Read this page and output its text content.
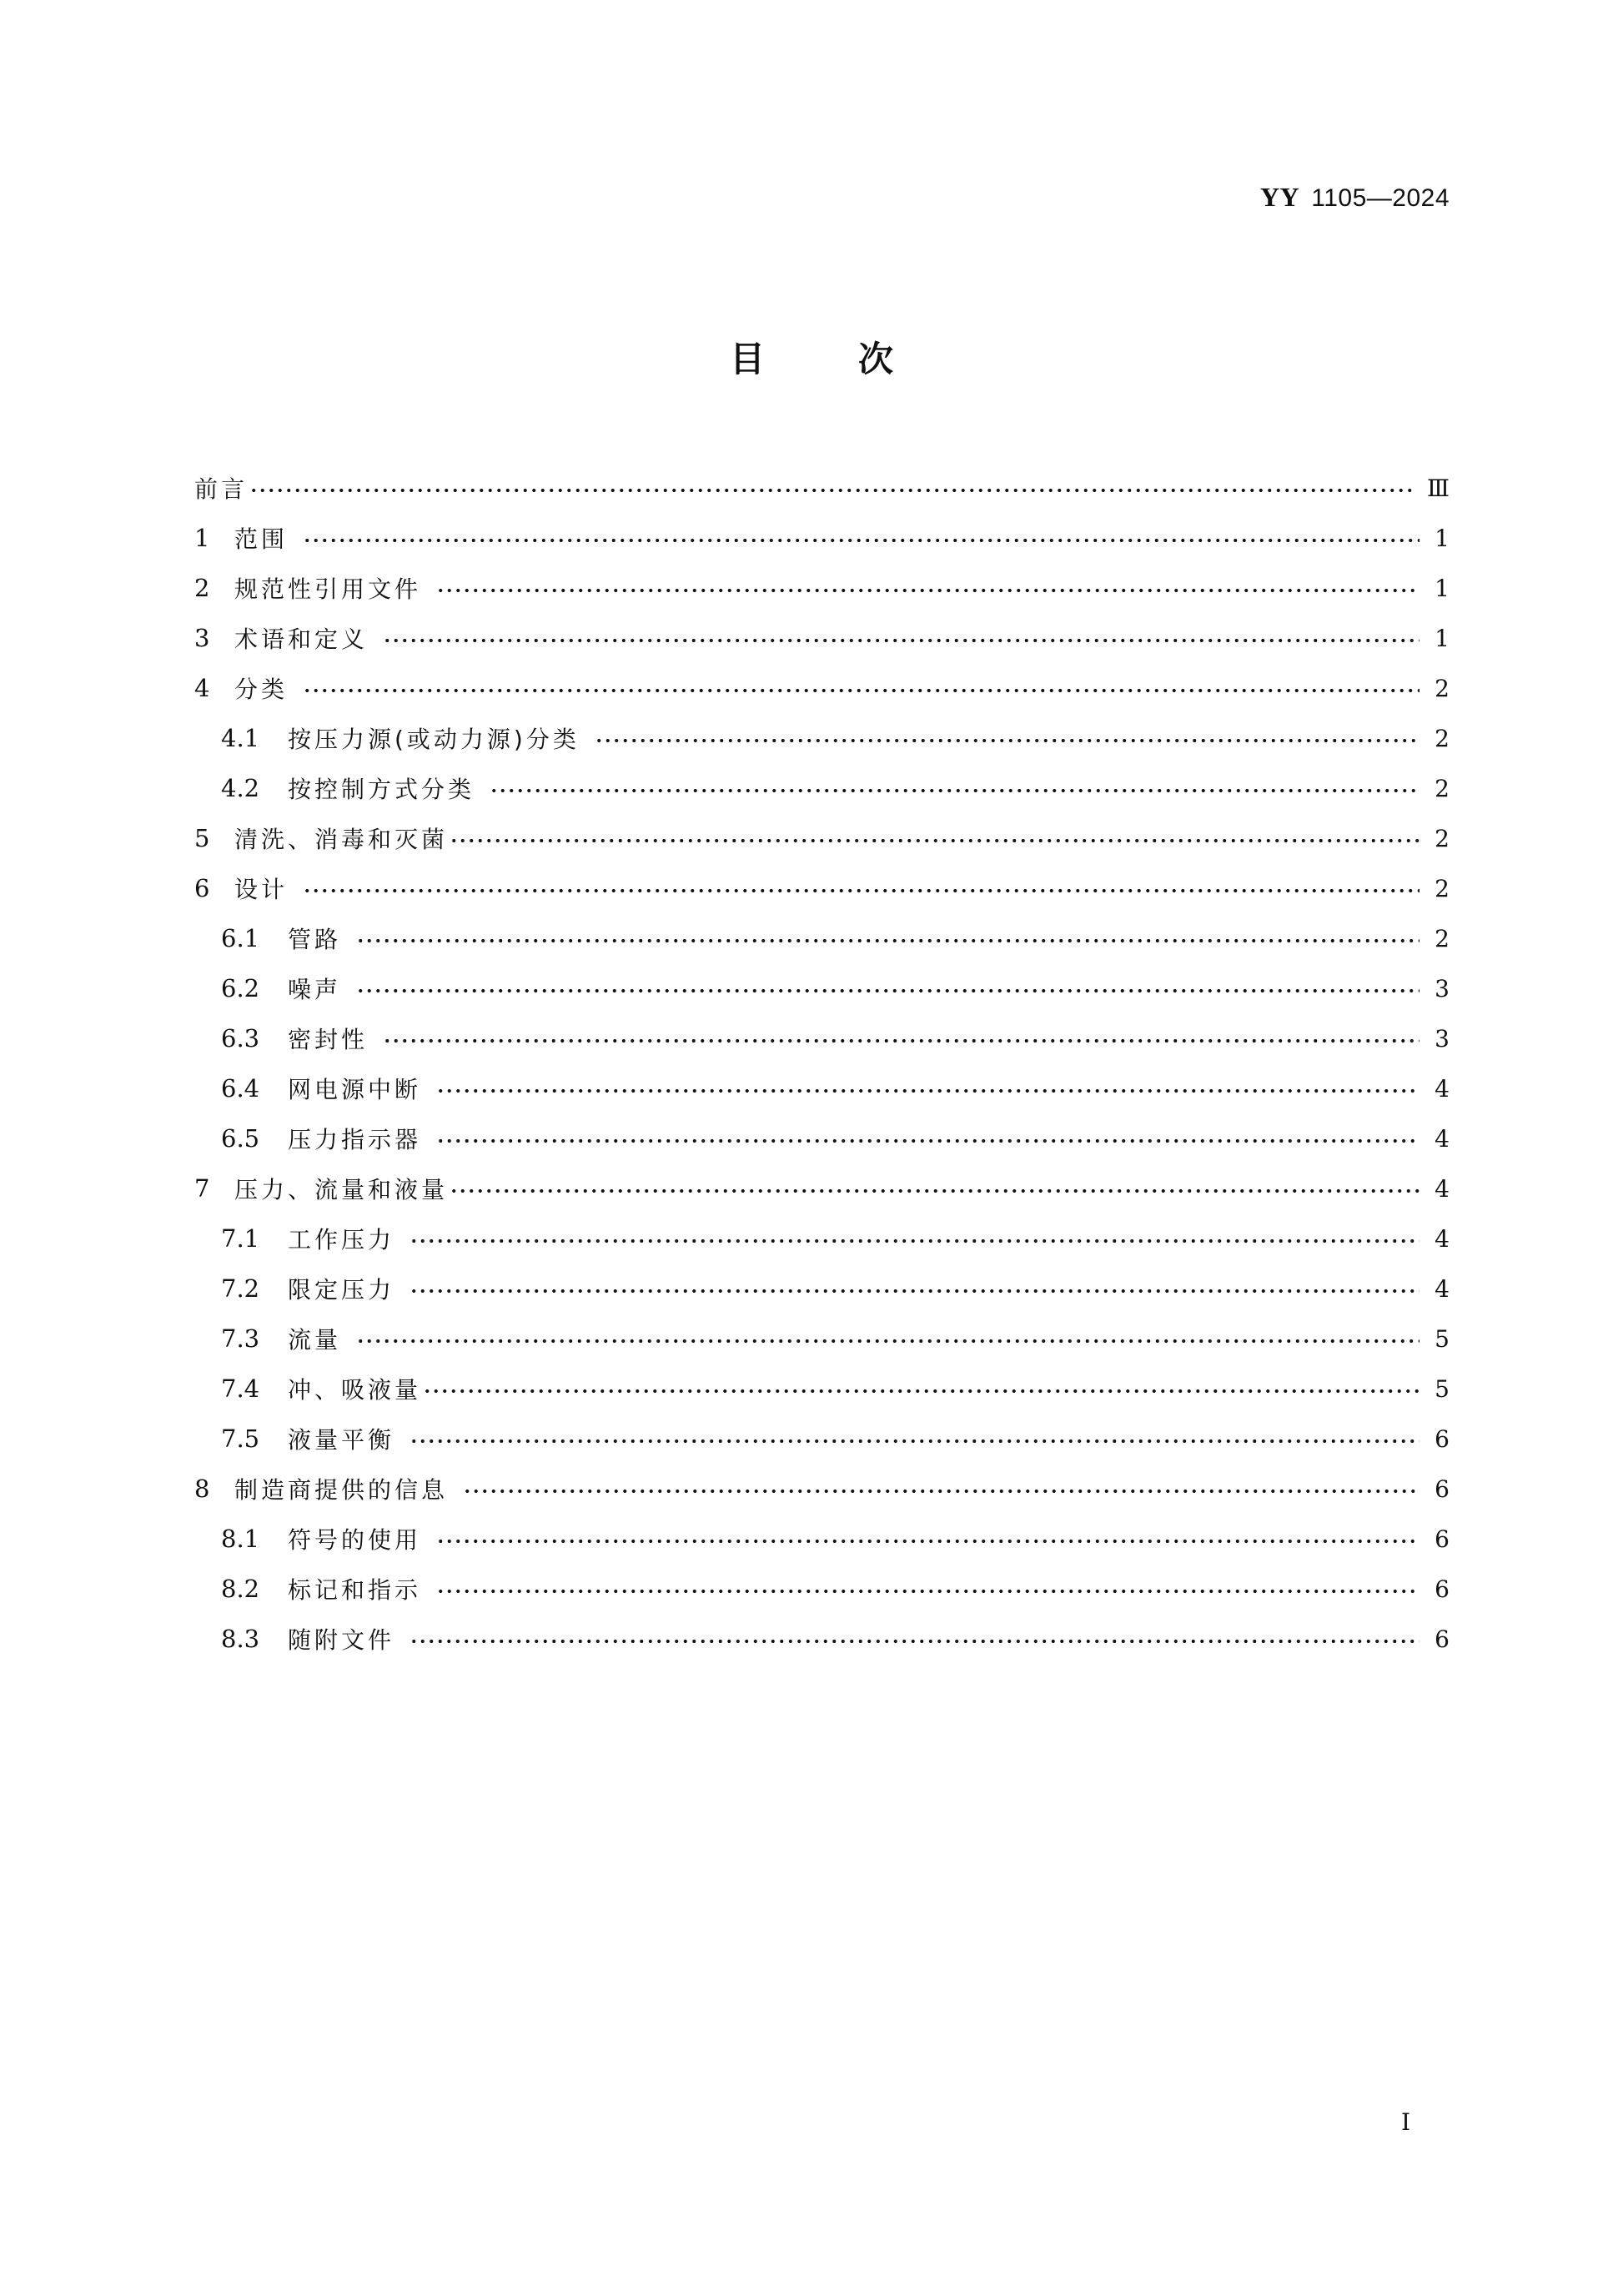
YY 1105—2024
目	次
前言	Ⅲ
1	范围	1
2	规范性引用文件	1
3	术语和定义	1
4	分类	2
4.1	按压力源(或动力源)分类	2
4.2	按控制方式分类	2
5	清洗、消毒和灭菌	2
6	设计	2
6.1	管路	2
6.2	噪声	3
6.3	密封性	3
6.4	网电源中断	4
6.5	压力指示器	4
7	压力、流量和液量	4
7.1	工作压力	4
7.2	限定压力	4
7.3	流量	5
7.4	冲、吸液量	5
7.5	液量平衡	6
8	制造商提供的信息	6
8.1	符号的使用	6
8.2	标记和指示	6
8.3	随附文件	6
I
